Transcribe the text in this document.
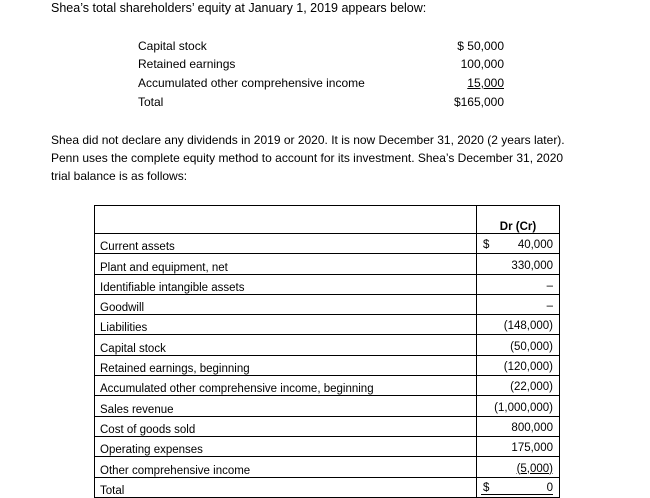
Shea’s total shareholders’ equity at January 1, 2019 appears below:
Capital stock	$ 50,000
Retained earnings	100,000
Accumulated other comprehensive income	15,000
Total	$165,000
Shea did not declare any dividends in 2019 or 2020. It is now December 31, 2020 (2 years later).
Penn uses the complete equity method to account for its investment. Shea’s December 31, 2020
trial balance is as follows:
	Dr (Cr)
Current assets	$ 40,000

Plant and equipment, net	330,000

Identifiable intangible assets	–

Goodwill	–

Liabilities	(148,000)

Capital stock	(50,000)

Retained earnings, beginning	(120,000)

Accumulated other comprehensive income, beginning	(22,000)

Sales revenue	(1,000,000)

Cost of goods sold	800,000

Operating expenses	175,000

Other comprehensive income	(5,000)

Total	$ 0
